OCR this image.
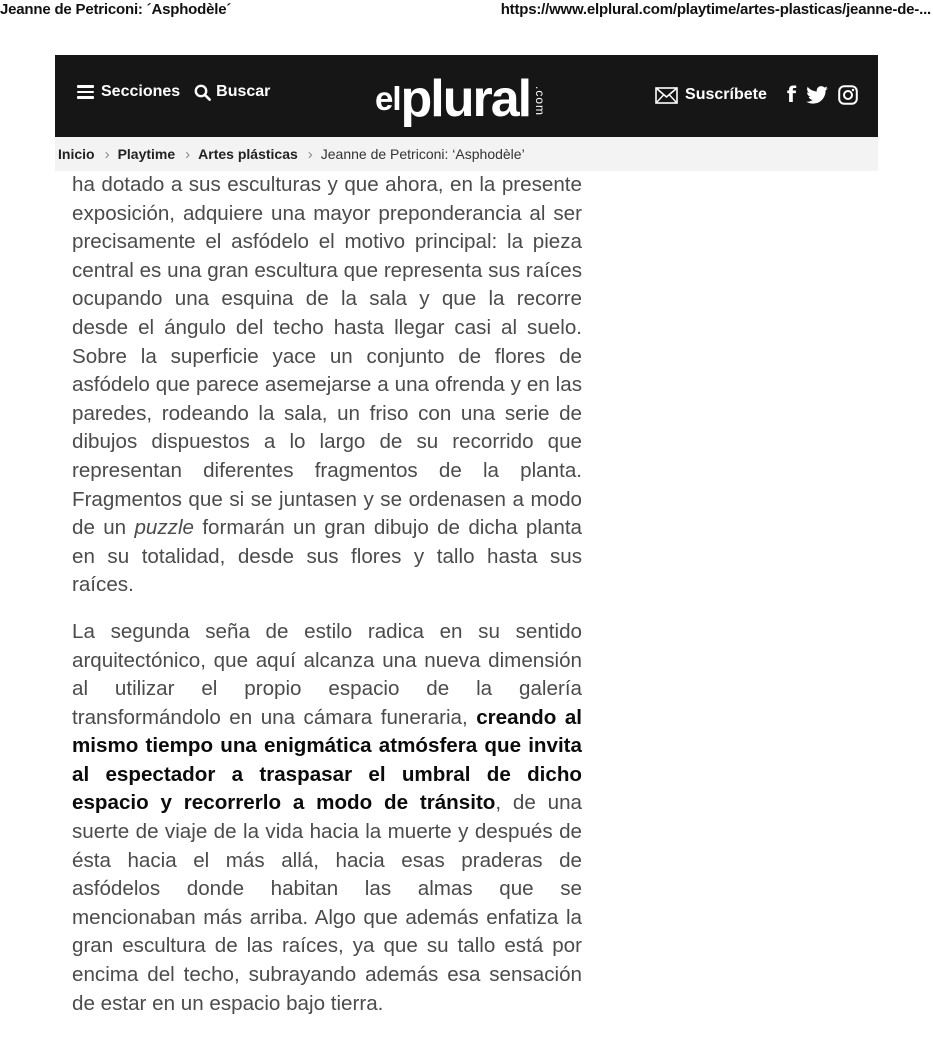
Jeanne de Petriconi: ´Asphodèle´	https://www.elplural.com/playtime/artes-plasticas/jeanne-de-...
Secciones Buscar	el plural .com	Suscríbete f
Inicio › Playtime › Artes plásticas › Jeanne de Petriconi: ‘Asphodèle’

ha dotado a sus esculturas y que ahora, en la presente exposición, adquiere una mayor preponderancia al ser precisamente el asfódelo el motivo principal: la pieza central es una gran escultura que representa sus raíces ocupando una esquina de la sala y que la recorre desde el ángulo del techo hasta llegar casi al suelo. Sobre la superficie yace un conjunto de flores de asfódelo que parece asemejarse a una ofrenda y en las paredes, rodeando la sala, un friso con una serie de dibujos dispuestos a lo largo de su recorrido que representan diferentes fragmentos de la planta. Fragmentos que si se juntasen y se ordenasen a modo de un puzzle formarán un gran dibujo de dicha planta en su totalidad, desde sus flores y tallo hasta sus raíces.

La segunda seña de estilo radica en su sentido arquitectónico, que aquí alcanza una nueva dimensión al utilizar el propio espacio de la galería transformándolo en una cámara funeraria, creando al mismo tiempo una enigmática atmósfera que invita al espectador a traspasar el umbral de dicho espacio y recorrerlo a modo de tránsito, de una suerte de viaje de la vida hacia la muerte y después de ésta hacia el más allá, hacia esas praderas de asfódelos donde habitan las almas que se mencionaban más arriba. Algo que además enfatiza la gran escultura de las raíces, ya que su tallo está por encima del techo, subrayando además esa sensación de estar en un espacio bajo tierra.
